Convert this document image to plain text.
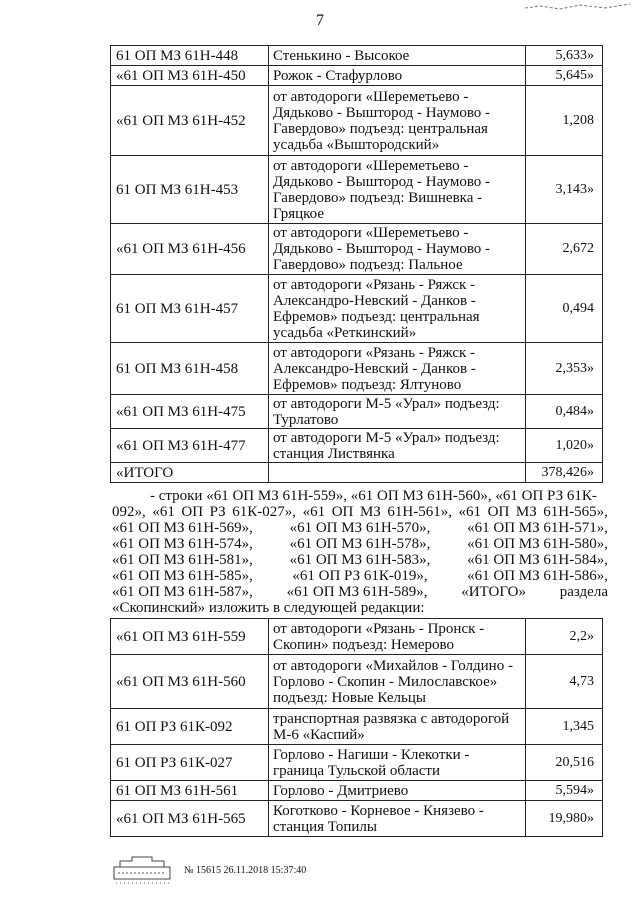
7
61 ОП МЗ 61Н-448	Стенькино - Высокое	5,633»
«61 ОП МЗ 61Н-450	Рожок - Стафурлово	5,645»
«61 ОП МЗ 61Н-452	от автодороги «Шереметьево - Дядьково - Выштород - Наумово - Гавердово» подъезд: центральная усадьба «Выштородский»	1,208
61 ОП МЗ 61Н-453	от автодороги «Шереметьево - Дядьково - Выштород - Наумово - Гавердово» подъезд: Вишневка - Гряцкое	3,143»
«61 ОП МЗ 61Н-456	от автодороги «Шереметьево - Дядьково - Выштород - Наумово - Гавердово» подъезд: Пальное	2,672
61 ОП МЗ 61Н-457	от автодороги «Рязань - Ряжск - Александро-Невский - Данков - Ефремов» подъезд: центральная усадьба «Реткинский»	0,494
61 ОП МЗ 61Н-458	от автодороги «Рязань - Ряжск - Александро-Невский - Данков - Ефремов» подъезд: Ялтуново	2,353»
«61 ОП МЗ 61Н-475	от автодороги М-5 «Урал» подъезд: Турлатово	0,484»
«61 ОП МЗ 61Н-477	от автодороги М-5 «Урал» подъезд: станция Листвянка	1,020»
«ИТОГО		378,426»
- строки «61 ОП МЗ 61Н-559», «61 ОП МЗ 61Н-560», «61 ОП РЗ 61К-
092», «61 ОП РЗ 61К-027», «61 ОП МЗ 61Н-561», «61 ОП МЗ 61Н-565»,
«61 ОП МЗ 61Н-569», «61 ОП МЗ 61Н-570», «61 ОП МЗ 61Н-571»,
«61 ОП МЗ 61Н-574», «61 ОП МЗ 61Н-578», «61 ОП МЗ 61Н-580»,
«61 ОП МЗ 61Н-581», «61 ОП МЗ 61Н-583», «61 ОП МЗ 61Н-584»,
«61 ОП МЗ 61Н-585»,	«61 ОП РЗ 61К-019»,	«61 ОП МЗ 61Н-586»,
«61 ОП МЗ 61Н-587», «61 ОП МЗ 61Н-589», «ИТОГО» раздела
«Скопинский» изложить в следующей редакции:
«61 ОП МЗ 61Н-559	от автодороги «Рязань - Пронск - Скопин» подъезд: Немерово	2,2»
«61 ОП МЗ 61Н-560	от автодороги «Михайлов - Голдино - Горлово - Скопин - Милославское» подъезд: Новые Кельцы	4,73
61 ОП РЗ 61К-092	транспортная развязка с автодорогой М-6 «Каспий»	1,345
61 ОП РЗ 61К-027	Горлово - Нагиши - Клекотки - граница Тульской области	20,516
61 ОП МЗ 61Н-561	Горлово - Дмитриево	5,594»
«61 ОП МЗ 61Н-565	Коготково - Корневое - Князево - станция Топилы	19,980»
№ 15615 26.11.2018 15:37:40
